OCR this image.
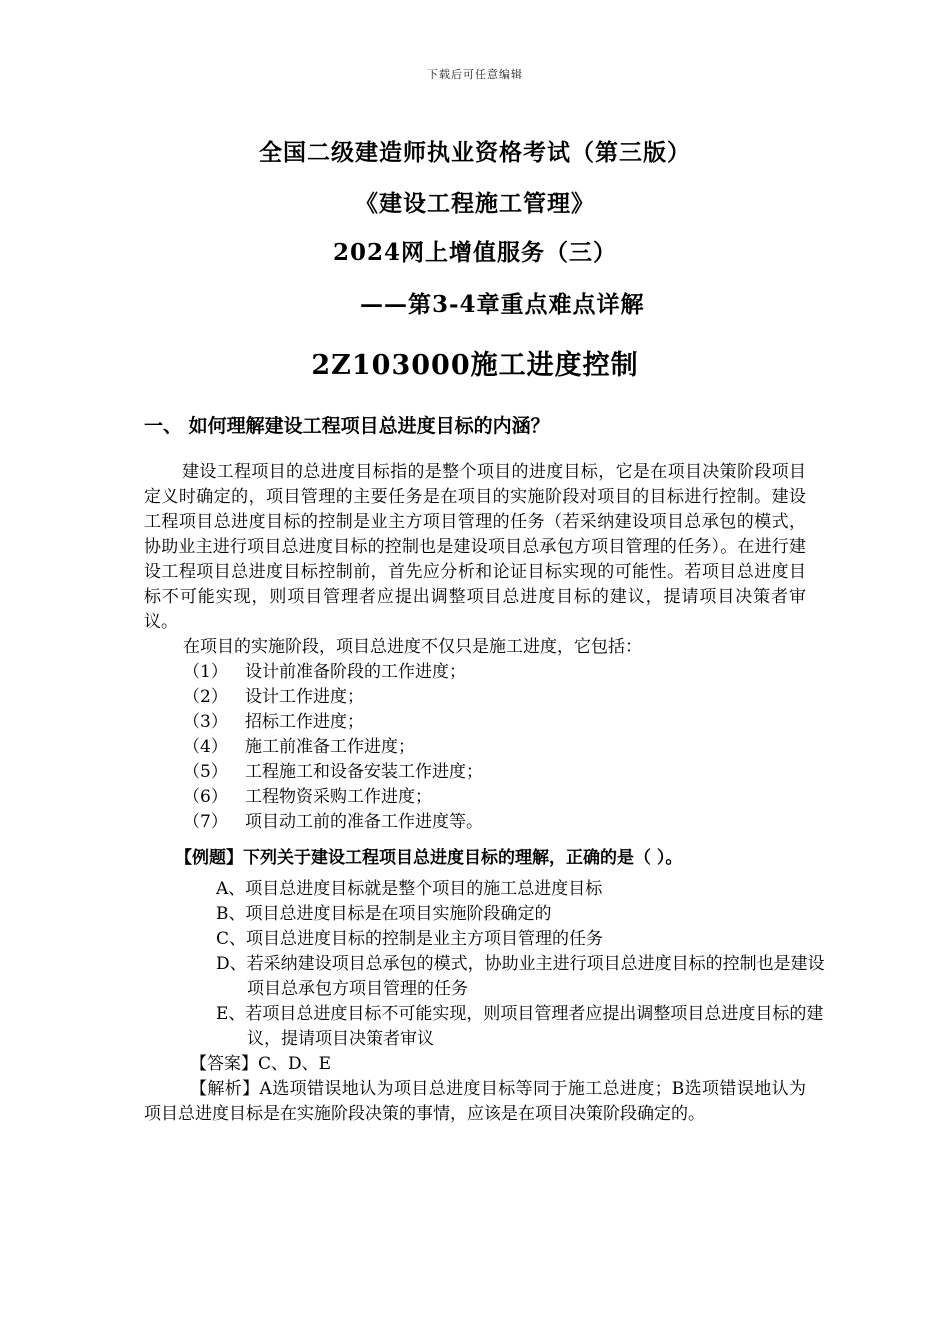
下载后可任意编辑
全国二级建造师执业资格考试（第三版）
《建设工程施工管理》
2024网上增值服务（三）
——第3-4章重点难点详解
2Z103000施工进度控制
一、 如何理解建设工程项目总进度目标的内涵？
建设工程项目的总进度目标指的是整个项目的进度目标，它是在项目决策阶段项目定义时确定的，项目管理的主要任务是在项目的实施阶段对项目的目标进行控制。建设工程项目总进度目标的控制是业主方项目管理的任务（若采纳建设项目总承包的模式，协助业主进行项目总进度目标的控制也是建设项目总承包方项目管理的任务）。在进行建设工程项目总进度目标控制前，首先应分析和论证目标实现的可能性。若项目总进度目标不可能实现，则项目管理者应提出调整项目总进度目标的建议，提请项目决策者审议。
在项目的实施阶段，项目总进度不仅只是施工进度，它包括：
（1） 设计前准备阶段的工作进度；
（2） 设计工作进度；
（3） 招标工作进度；
（4） 施工前准备工作进度；
（5） 工程施工和设备安装工作进度；
（6） 工程物资采购工作进度；
（7） 项目动工前的准备工作进度等。
【例题】下列关于建设工程项目总进度目标的理解，正确的是（ ）。
A、项目总进度目标就是整个项目的施工总进度目标
B、项目总进度目标是在项目实施阶段确定的
C、项目总进度目标的控制是业主方项目管理的任务
D、若采纳建设项目总承包的模式，协助业主进行项目总进度目标的控制也是建设项目总承包方项目管理的任务
E、若项目总进度目标不可能实现，则项目管理者应提出调整项目总进度目标的建议，提请项目决策者审议
【答案】C、D、E
【解析】A选项错误地认为项目总进度目标等同于施工总进度；B选项错误地认为项目总进度目标是在实施阶段决策的事情，应该是在项目决策阶段确定的。
